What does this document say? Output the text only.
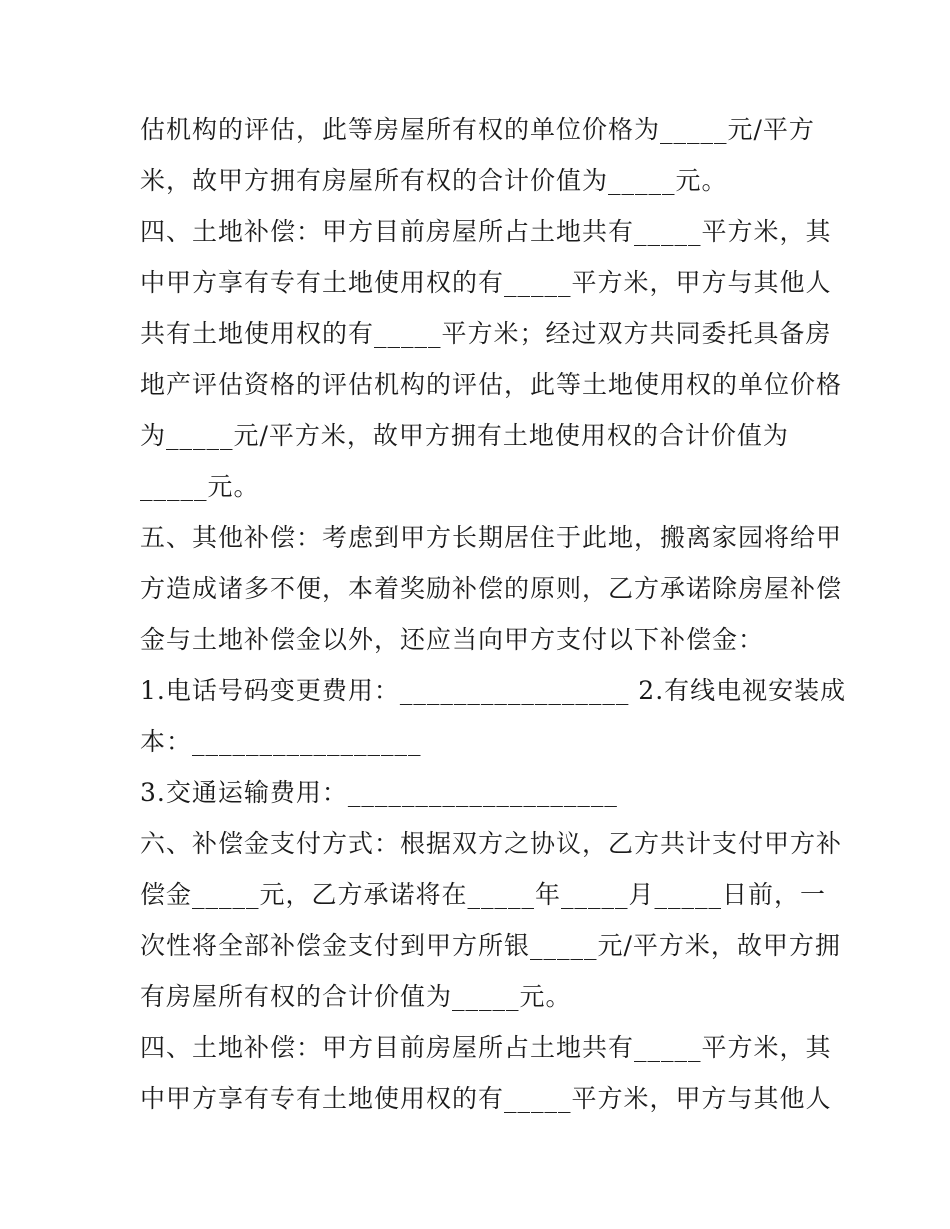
估机构的评估，此等房屋所有权的单位价格为_____元/平方
米，故甲方拥有房屋所有权的合计价值为_____元。
四、土地补偿：甲方目前房屋所占土地共有_____平方米，其
中甲方享有专有土地使用权的有_____平方米，甲方与其他人
共有土地使用权的有_____平方米；经过双方共同委托具备房
地产评估资格的评估机构的评估，此等土地使用权的单位价格
为_____元/平方米，故甲方拥有土地使用权的合计价值为
_____元。
五、其他补偿：考虑到甲方长期居住于此地，搬离家园将给甲
方造成诸多不便，本着奖励补偿的原则，乙方承诺除房屋补偿
金与土地补偿金以外，还应当向甲方支付以下补偿金：
1.电话号码变更费用：_________________ 2.有线电视安装成
本：_________________
3.交通运输费用：____________________
六、补偿金支付方式：根据双方之协议，乙方共计支付甲方补
偿金_____元，乙方承诺将在_____年_____月_____日前，一
次性将全部补偿金支付到甲方所银_____元/平方米，故甲方拥
有房屋所有权的合计价值为_____元。
四、土地补偿：甲方目前房屋所占土地共有_____平方米，其
中甲方享有专有土地使用权的有_____平方米，甲方与其他人
